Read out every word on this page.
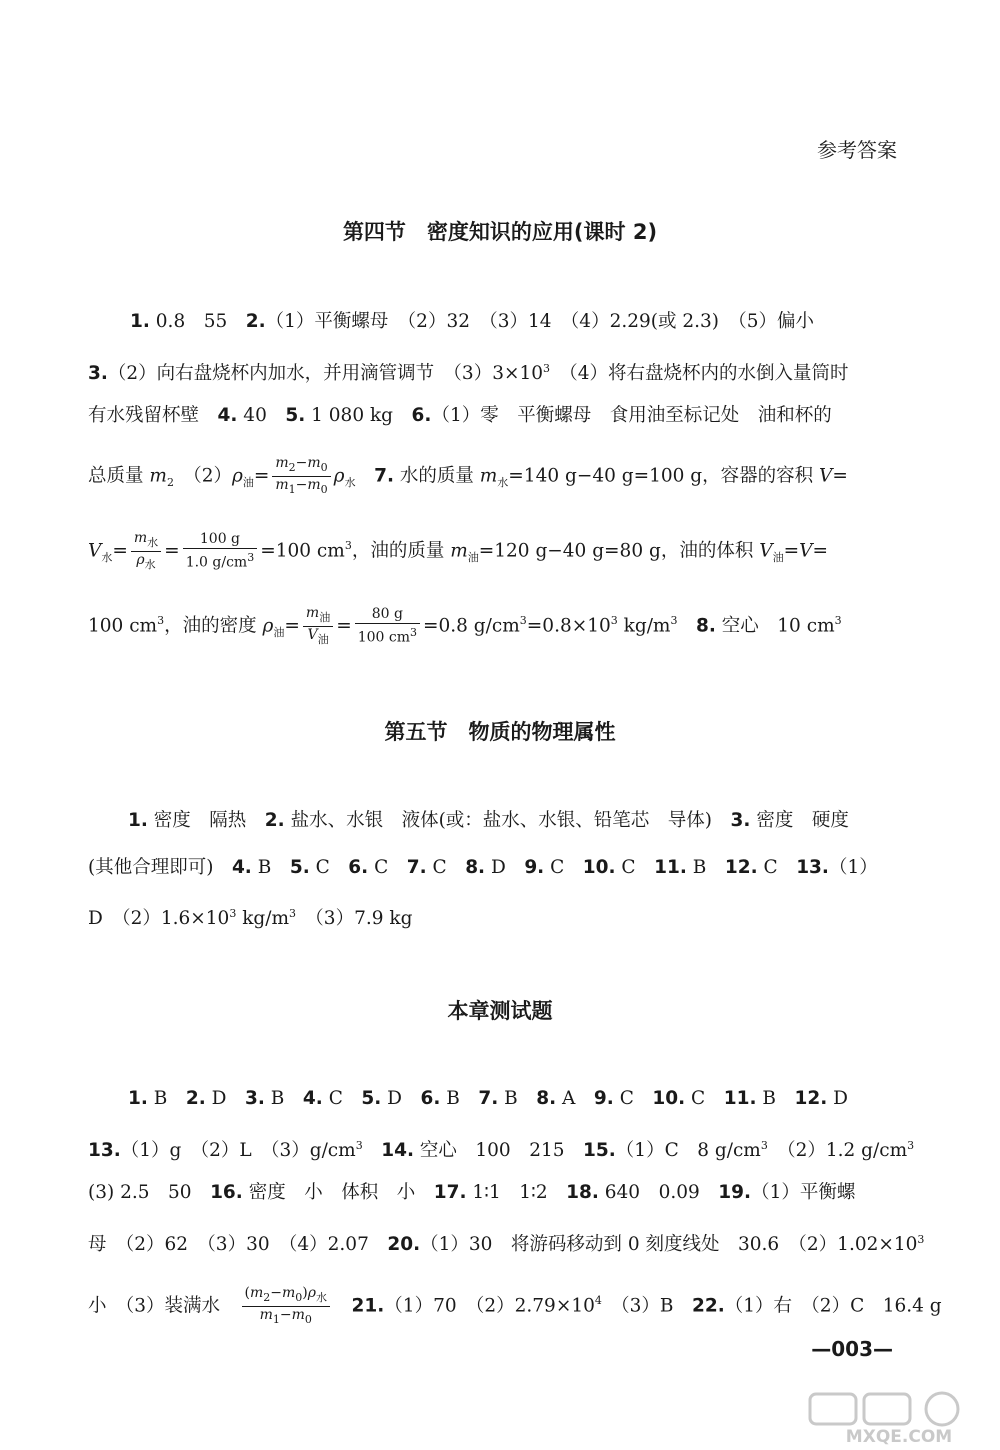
参考答案
第四节　密度知识的应用(课时 2)
1. 0.8　55　2.（1）平衡螺母　（2）32　（3）14　（4）2.29(或 2.3)　（5）偏小
3.（2）向右盘烧杯内加水，并用滴管调节　$(3)3\times 10^3$　（4）将右盘烧杯内的水倒入量筒时
有水残留杯壁　4. 40　5. 1 080 kg　6.（1）零　平衡螺母　食用油至标记处　油和杯的
总质量 $m_2$　$(2)\rho_油= \frac{m_2-m_0}{m_1-m_0} \rho_水$　 7. 水的质量 $m_水=140$ g−40 g=100 g，容器的容积 V=
$V_水= \frac{m_水}{\rho_水} = \frac{100 g}{1.0 g/cm^3} =100$ $cm^3$，油的质量 $m_油=120$ g−40 g=80 g，油的体积 $V_油=V=$
100 $cm^3$，油的密度 $\rho_油= \frac{m_油}{V_油} = \frac{80 g}{100 cm^3} =0.8$ $g/cm^3=0.8\times 10^3$ $kg/m^3$　 8. 空心　10 $cm^3$
第五节　物质的物理属性
1. 密度　隔热　2. 盐水、水银　液体(或：盐水、水银、铅笔芯　导体)　3. 密度　硬度
(其他合理即可)　4. B　5. C　6. C　7. C　8. D　9. C　10. C　11. B　12. C　13.（1）
D　$(2)1.6\times 10^3$ $kg/m^3$　（3）7.9 kg
本章测试题
1. B　2. D　3. B　4. C　5. D　6. B　7. B　8. A　9. C　10. C　11. B　12. D
13.（1）g　（2）L　$(3)g/cm^3$　 14. 空心　100　215　15.（1）C　8 $g/cm^3$　（2）1.2 $g/cm^3$
(3) 2.5　50　16. 密度　小　体积　小　17. 1∶1　1∶2　18. 640　0.09　19.（1）平衡螺
母　（2）62　（3）30　（4）2.07　20.（1）30　将游码移动到 0 刻度线处　30.6　$(2)1.02\times 10^3$
小　（3）装满水　 $\frac{(m_2-m_0)\rho_水}{m_1-m_0}$
　 21.（1）70　$(2)2.79\times 10^4$　（3）B　22.（1）右　（2）C　16.4 g
—003—
MXQE.COM
